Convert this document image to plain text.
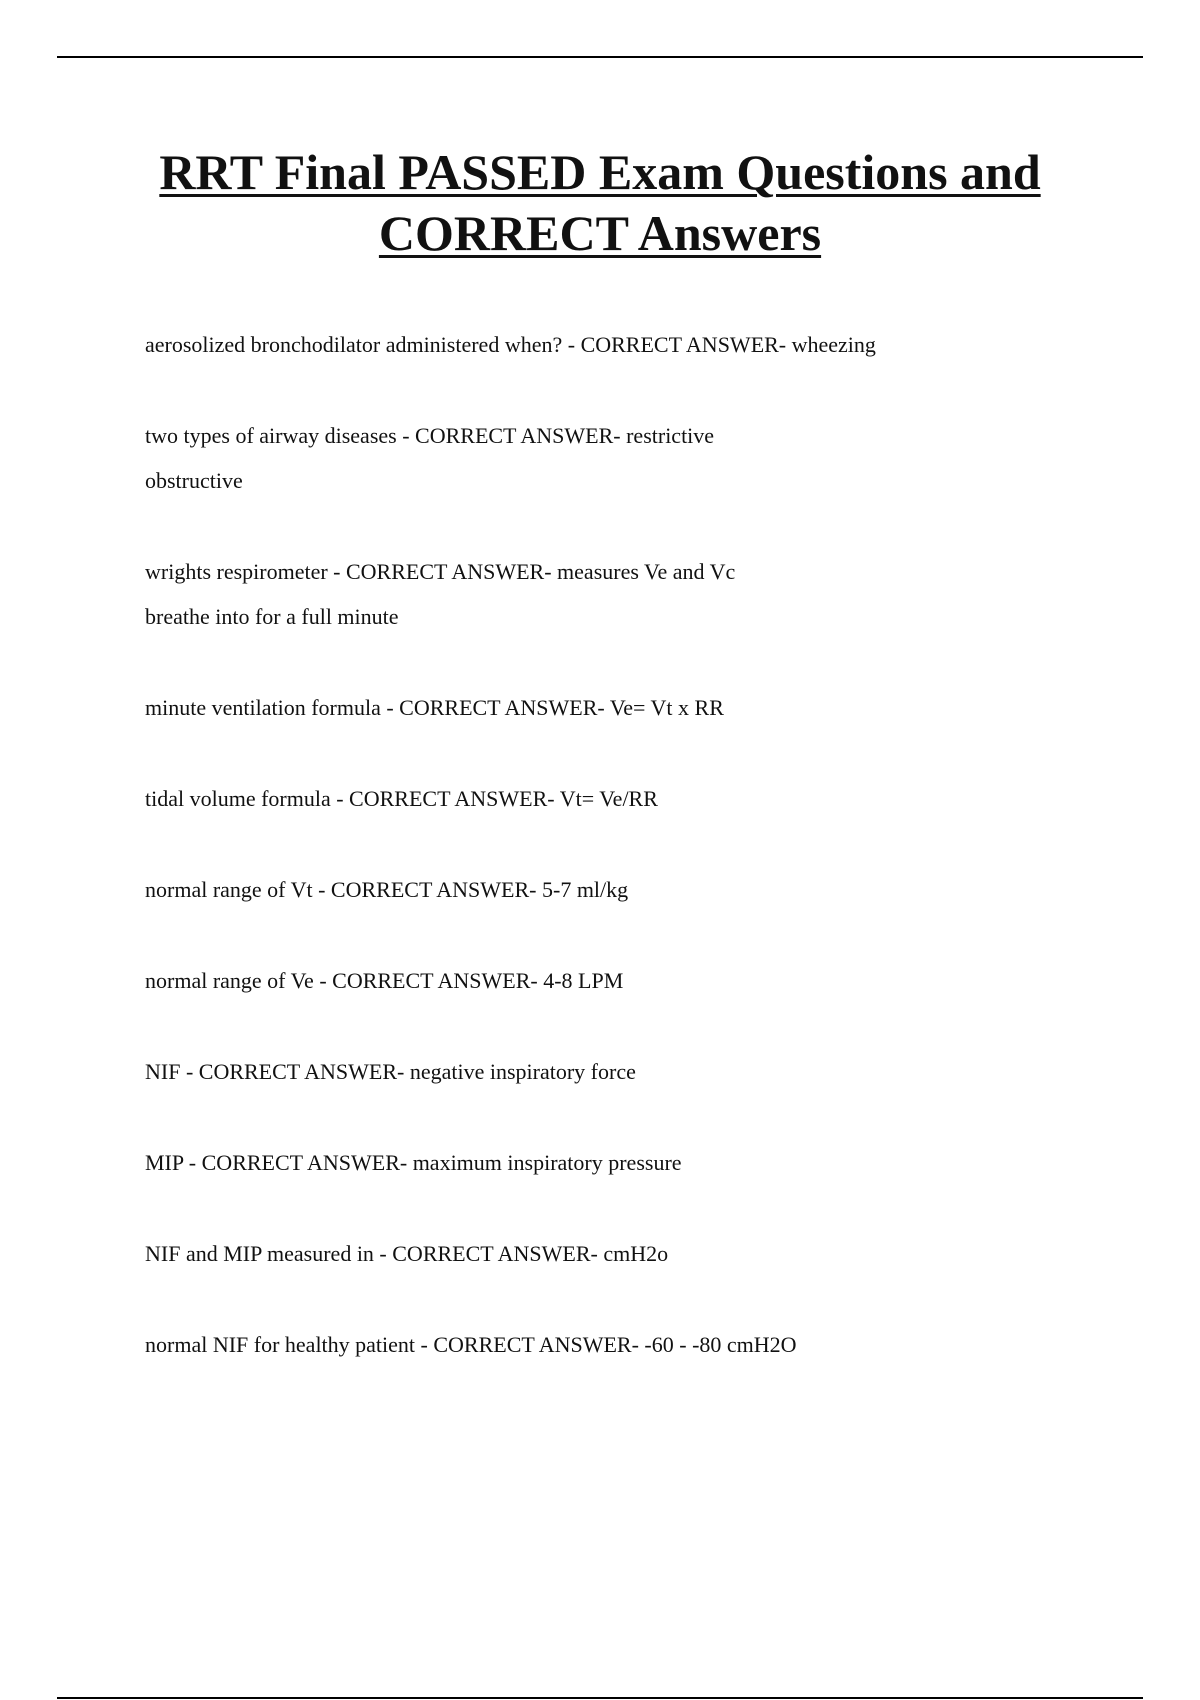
RRT Final PASSED Exam Questions and
CORRECT Answers
aerosolized bronchodilator administered when? - CORRECT ANSWER- wheezing
two types of airway diseases - CORRECT ANSWER- restrictive
obstructive
wrights respirometer - CORRECT ANSWER- measures Ve and Vc
breathe into for a full minute
minute ventilation formula - CORRECT ANSWER- Ve= Vt x RR
tidal volume formula - CORRECT ANSWER- Vt= Ve/RR
normal range of Vt - CORRECT ANSWER- 5-7 ml/kg
normal range of Ve - CORRECT ANSWER- 4-8 LPM
NIF - CORRECT ANSWER- negative inspiratory force
MIP - CORRECT ANSWER- maximum inspiratory pressure
NIF and MIP measured in - CORRECT ANSWER- cmH2o
normal NIF for healthy patient - CORRECT ANSWER- -60 - -80 cmH2O
